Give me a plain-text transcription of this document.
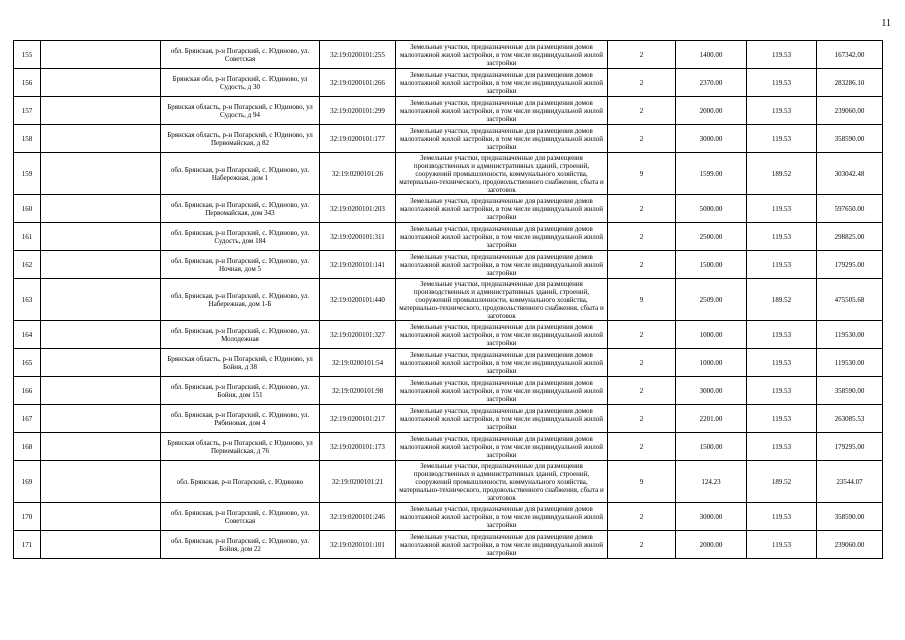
11
155		обл. Брянская, р-н Погарский, с. Юдиново, ул. Советская	32:19:0200101:255	Земельные участки, предназначенные для размещения домов малоэтажной жилой застройки, в том числе индивидуальной жилой застройки	2	1400.00	119.53	167342.00
156		Брянская обл, р-н Погарский, с. Юдиново, ул Судость, д 30	32:19:0200101:266	Земельные участки, предназначенные для размещения домов малоэтажной жилой застройки, в том числе индивидуальной жилой застройки	2	2370.00	119.53	283286.10
157		Брянская область, р-н Погарский, с Юдиново, ул Судость, д 94	32:19:0200101:299	Земельные участки, предназначенные для размещения домов малоэтажной жилой застройки, в том числе индивидуальной жилой застройки	2	2000.00	119.53	239060.00
158		Брянская область, р-н Погарский, с Юдиново, ул Первомайская, д 82	32:19:0200101:177	Земельные участки, предназначенные для размещения домов малоэтажной жилой застройки, в том числе индивидуальной жилой застройки	2	3000.00	119.53	358590.00
159		обл. Брянская, р-н Погарский, с. Юдиново, ул. Набережная, дом 1	32:19:0200101:26	Земельные участки, предназначенные для размещения производственных и административных зданий, строений, сооружений промышленности, коммунального хозяйства, материально-технического, продовольственного снабжения, сбыта и заготовок	9	1599.00	189.52	303042.48
160		обл. Брянская, р-н Погарский, с. Юдиново, ул. Первомайская, дом 343	32:19:0200101:203	Земельные участки, предназначенные для размещения домов малоэтажной жилой застройки, в том числе индивидуальной жилой застройки	2	5000.00	119.53	597650.00
161		обл. Брянская, р-н Погарский, с. Юдиново, ул. Судость, дом 184	32:19:0200101:311	Земельные участки, предназначенные для размещения домов малоэтажной жилой застройки, в том числе индивидуальной жилой застройки	2	2500.00	119.53	298825.00
162		обл. Брянская, р-н Погарский, с. Юдиново, ул. Ночная, дом 5	32:19:0200101:141	Земельные участки, предназначенные для размещения домов малоэтажной жилой застройки, в том числе индивидуальной жилой застройки	2	1500.00	119.53	179295.00
163		обл. Брянская, р-н Погарский, с. Юдиново, ул. Набережная, дом 1-Б	32:19:0200101:440	Земельные участки, предназначенные для размещения производственных и административных зданий, строений, сооружений промышленности, коммунального хозяйства, материально-технического, продовольственного снабжения, сбыта и заготовок	9	2509.00	189.52	475505.68
164		обл. Брянская, р-н Погарский, с. Юдиново, ул. Молодежная	32:19:0200101:327	Земельные участки, предназначенные для размещения домов малоэтажной жилой застройки, в том числе индивидуальной жилой застройки	2	1000.00	119.53	119530.00
165		Брянская область, р-н Погарский, с Юдиново, ул Бойня, д 38	32:19:0200101:54	Земельные участки, предназначенные для размещения домов малоэтажной жилой застройки, в том числе индивидуальной жилой застройки	2	1000.00	119.53	119530.00
166		обл. Брянская, р-н Погарский, с. Юдиново, ул. Бойня, дом 151	32:19:0200101:98	Земельные участки, предназначенные для размещения домов малоэтажной жилой застройки, в том числе индивидуальной жилой застройки	2	3000.00	119.53	358590.00
167		обл. Брянская, р-н Погарский, с. Юдиново, ул. Рябиновая, дом 4	32:19:0200101:217	Земельные участки, предназначенные для размещения домов малоэтажной жилой застройки, в том числе индивидуальной жилой застройки	2	2201.00	119.53	263085.53
168		Брянская область, р-н Погарский, с Юдиново, ул Первомайская, д 76	32:19:0200101:173	Земельные участки, предназначенные для размещения домов малоэтажной жилой застройки, в том числе индивидуальной жилой застройки	2	1500.00	119.53	179295.00
169		обл. Брянская, р-н Погарский, с. Юдиново	32:19:0200101:21	Земельные участки, предназначенные для размещения производственных и административных зданий, строений, сооружений промышленности, коммунального хозяйства, материально-технического, продовольственного снабжения, сбыта и заготовок	9	124.23	189.52	23544.07
170		обл. Брянская, р-н Погарский, с. Юдиново, ул. Советская	32:19:0200101:246	Земельные участки, предназначенные для размещения домов малоэтажной жилой застройки, в том числе индивидуальной жилой застройки	2	3000.00	119.53	358590.00
171		обл. Брянская, р-н Погарский, с. Юдиново, ул. Бойня, дом 22	32:19:0200101:101	Земельные участки, предназначенные для размещения домов малоэтажной жилой застройки, в том числе индивидуальной жилой застройки	2	2000.00	119.53	239060.00
